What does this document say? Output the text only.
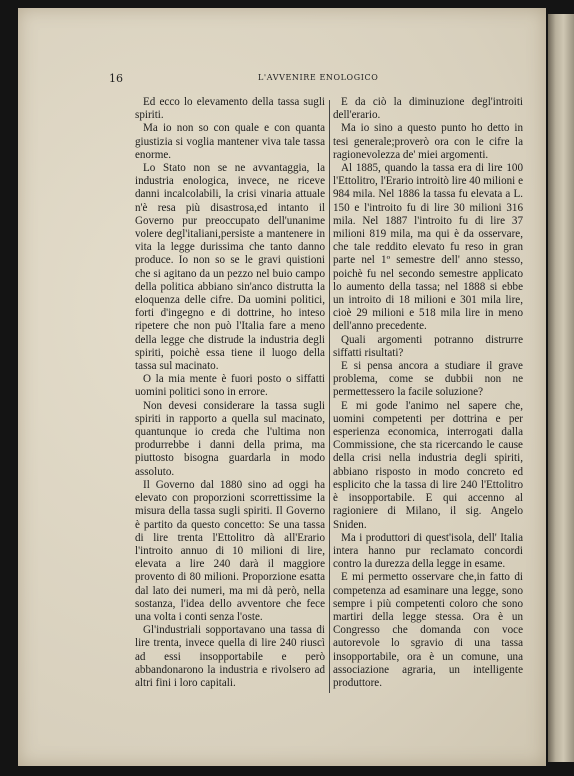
16	L'AVVENIRE ENOLOGICO

Ed ecco lo elevamento della tassa sugli spiriti.

Ma io non so con quale e con quanta giustizia si voglia mantener viva tale tassa enorme.

Lo Stato non se ne avvantaggia, la industria enologica, invece, ne riceve danni incalcolabili, la crisi vinaria attuale n'è resa più disastrosa,ed intanto il Governo pur preoccupato dell'unanime volere degl'italiani,persiste a mantenere in vita la legge durissima che tanto danno produce. Io non so se le gravi quistioni che si agitano da un pezzo nel buio campo della politica abbiano sin'anco distrutta la eloquenza delle cifre. Da uomini politici, forti d'ingegno e di dottrine, ho inteso ripetere che non può l'Italia fare a meno della legge che distrude la industria degli spiriti, poichè essa tiene il luogo della tassa sul macinato.

O la mia mente è fuori posto o siffatti uomini politici sono in errore.

Non devesi considerare la tassa sugli spiriti in rapporto a quella sul macinato, quantunque io creda che l'ultima non produrrebbe i danni della prima, ma piuttosto bisogna guardarla in modo assoluto.

Il Governo dal 1880 sino ad oggi ha elevato con proporzioni scorrettissime la misura della tassa sugli spiriti. Il Governo è partito da questo concetto: Se una tassa di lire trenta l'Ettolitro dà all'Erario l'introito annuo di 10 milioni di lire, elevata a lire 240 darà il maggiore provento di 80 milioni. Proporzione esatta dal lato dei numeri, ma mi dà però, nella sostanza, l'idea dello avventore che fece una volta i conti senza l'oste.

Gl'industriali sopportavano una tassa di lire trenta, invece quella di lire 240 riuscì ad essi insopportabile e però abbandonarono la industria e rivolsero ad altri fini i loro capitali.

E da ciò la diminuzione degl'introiti dell'erario.

Ma io sino a questo punto ho detto in tesi generale;proverò ora con le cifre la ragionevolezza de' miei argomenti.

Al 1885, quando la tassa era di lire 100 l'Ettolitro, l'Erario introitò lire 40 milioni e 984 mila. Nel 1886 la tassa fu elevata a L. 150 e l'introito fu di lire 30 milioni 316 mila. Nel 1887 l'introito fu di lire 37 milioni 819 mila, ma qui è da osservare, che tale reddito elevato fu reso in gran parte nel 1º semestre dell' anno stesso, poichè fu nel secondo semestre applicato lo aumento della tassa; nel 1888 si ebbe un introito di 18 milioni e 301 mila lire, cioè 29 milioni e 518 mila lire in meno dell'anno precedente.

Quali argomenti potranno distrurre siffatti risultati?

E si pensa ancora a studiare il grave problema, come se dubbii non ne permettessero la facile soluzione?

E mi gode l'animo nel sapere che, uomini competenti per dottrina e per esperienza economica, interrogati dalla Commissione, che sta ricercando le cause della crisi nella industria degli spiriti, abbiano risposto in modo concreto ed esplicito che la tassa di lire 240 l'Ettolitro è insopportabile. E qui accenno al ragioniere di Milano, il sig. Angelo Sniden.

Ma i produttori di quest'isola, dell' Italia intera hanno pur reclamato concordi contro la durezza della legge in esame.

E mi permetto osservare che,in fatto di competenza ad esaminare una legge, sono sempre i più competenti coloro che sono martiri della legge stessa. Ora è un Congresso che domanda con voce autorevole lo sgravio di una tassa insopportabile, ora è un comune, una associazione agraria, un intelligente produttore.
